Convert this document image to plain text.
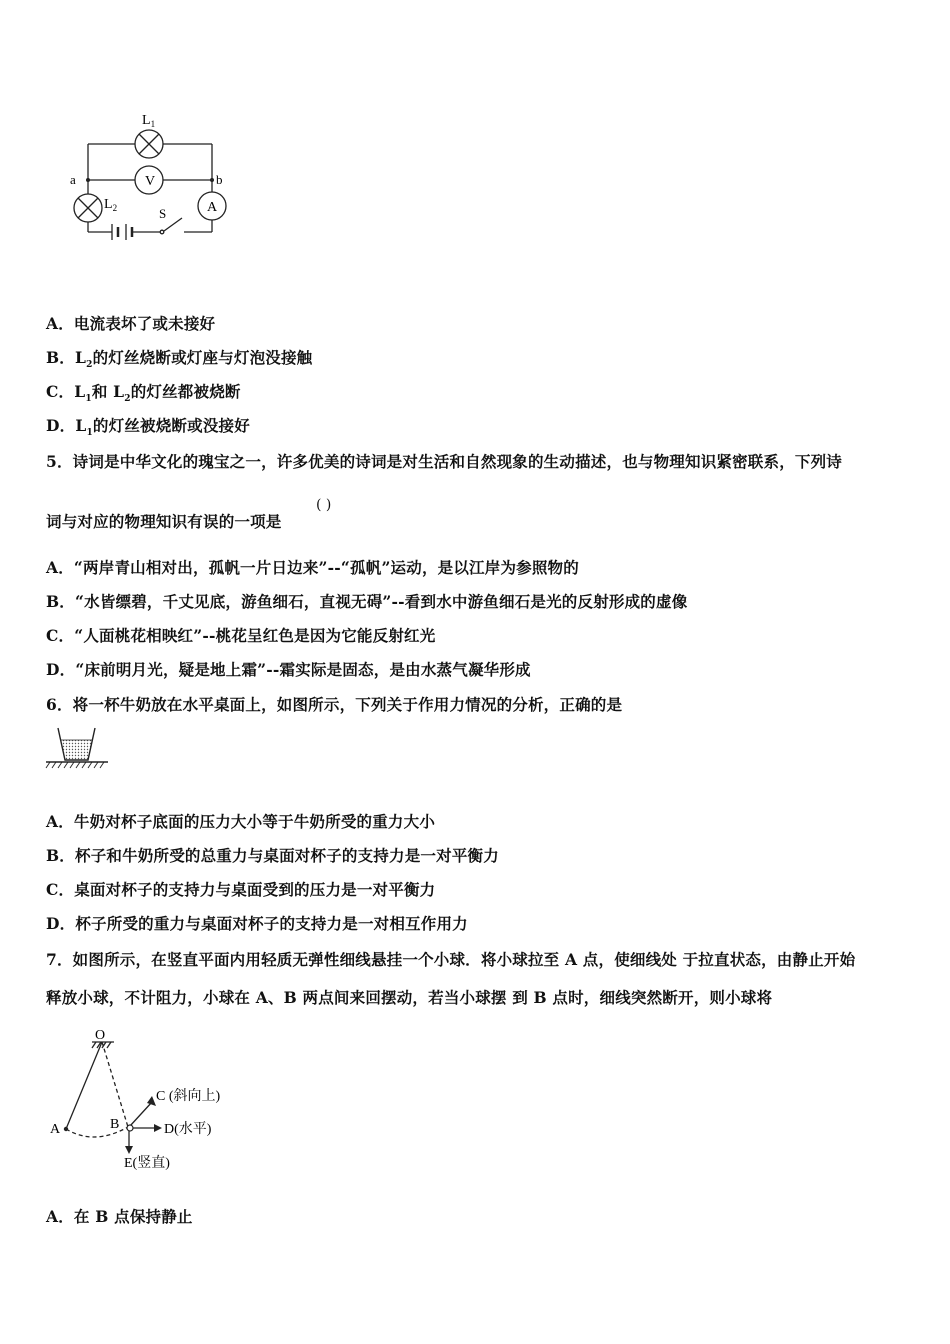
$L_1$
V
$L_2$	A
S
a	b
A．电流表坏了或未接好
B．$L_2$的灯丝烧断或灯座与灯泡没接触
C．$L_1$和 $L_2$的灯丝都被烧断
D．$L_1$的灯丝被烧断或没接好
5．诗词是中华文化的瑰宝之一，许多优美的诗词是对生活和自然现象的生动描述，也与物理知识紧密联系，下列诗
词与对应的物理知识有误的一项是
( )
A．“两岸青山相对出，孤帆一片日边来”--“孤帆”运动，是以江岸为参照物的
B．“水皆缥碧，千丈见底，游鱼细石，直视无碍”--看到水中游鱼细石是光的反射形成的虚像
C．“人面桃花相映红”--桃花呈红色是因为它能反射红光
D．“床前明月光，疑是地上霜”--霜实际是固态，是由水蒸气凝华形成
6．将一杯牛奶放在水平桌面上，如图所示，下列关于作用力情况的分析，正确的是
A．牛奶对杯子底面的压力大小等于牛奶所受的重力大小
B．杯子和牛奶所受的总重力与桌面对杯子的支持力是一对平衡力
C．桌面对杯子的支持力与桌面受到的压力是一对平衡力
D．杯子所受的重力与桌面对杯子的支持力是一对相互作用力
7．如图所示，在竖直平面内用轻质无弹性细线悬挂一个小球．将小球拉至 A 点，使细线处 于拉直状态，由静止开始
释放小球，不计阻力，小球在 A、B 两点间来回摆动，若当小球摆 到 B 点时，细线突然断开，则小球将
O
A	B
C (斜向上)
D(水平)
E(竖直)
A．在 B 点保持静止
